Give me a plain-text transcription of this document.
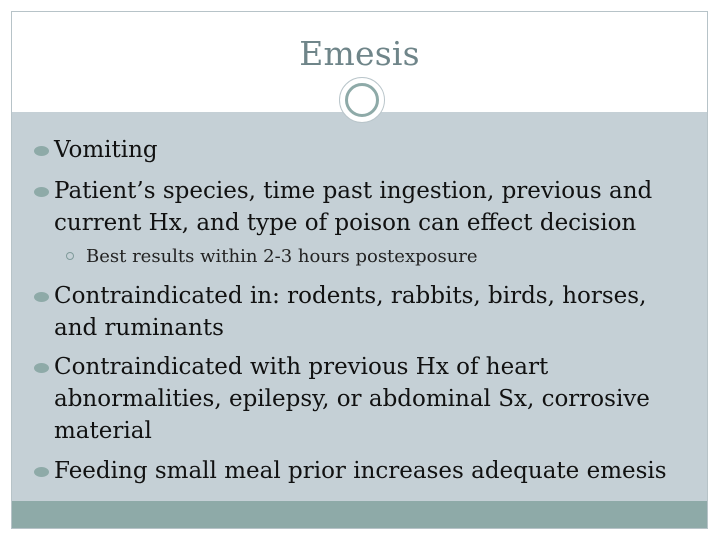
Emesis
Vomiting
Patient’s species, time past ingestion, previous and current Hx, and type of poison can effect decision
Best results within 2-3 hours postexposure
Contraindicated in: rodents, rabbits, birds, horses, and ruminants
Contraindicated with previous Hx of heart abnormalities, epilepsy, or abdominal Sx, corrosive material
Feeding small meal prior increases adequate emesis
